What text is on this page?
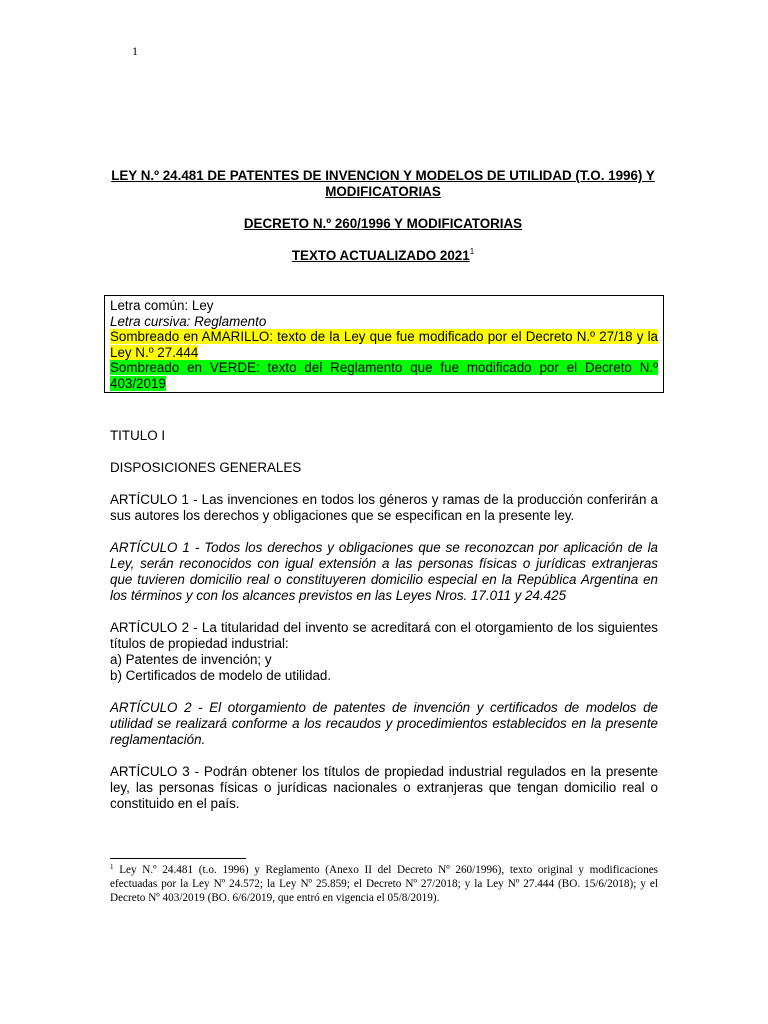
1
LEY N.º 24.481 DE PATENTES DE INVENCION Y MODELOS DE UTILIDAD (T.O. 1996) Y MODIFICATORIAS
DECRETO N.º 260/1996 Y MODIFICATORIAS

TEXTO ACTUALIZADO 2021$^1$

Letra común: Ley

Letra cursiva: Reglamento

Sombreado en AMARILLO: texto de la Ley que fue modificado por el Decreto N.º 27/18 y la Ley N.º 27.444

Sombreado en VERDE: texto del Reglamento que fue modificado por el Decreto N.º 403/2019

TITULO I

DISPOSICIONES GENERALES

ARTÍCULO 1 - Las invenciones en todos los géneros y ramas de la producción conferirán a sus autores los derechos y obligaciones que se especifican en la presente ley.

ARTÍCULO 1 - Todos los derechos y obligaciones que se reconozcan por aplicación de la Ley, serán reconocidos con igual extensión a las personas físicas o jurídicas extranjeras que tuvieren domicilio real o constituyeren domicilio especial en la República Argentina en los términos y con los alcances previstos en las Leyes Nros. 17.011 y 24.425

ARTÍCULO 2 - La titularidad del invento se acreditará con el otorgamiento de los siguientes títulos de propiedad industrial:

a) Patentes de invención; y

b) Certificados de modelo de utilidad.

ARTÍCULO 2 - El otorgamiento de patentes de invención y certificados de modelos de utilidad se realizará conforme a los recaudos y procedimientos establecidos en la presente reglamentación.

ARTÍCULO 3 - Podrán obtener los títulos de propiedad industrial regulados en la presente ley, las personas físicas o jurídicas nacionales o extranjeras que tengan domicilio real o constituido en el país.

$^1$ Ley N.º 24.481 (t.o. 1996) y Reglamento (Anexo II del Decreto Nº 260/1996), texto original y modificaciones efectuadas por la Ley Nº 24.572; la Ley Nº 25.859; el Decreto Nº 27/2018; y la Ley Nº 27.444 (BO. 15/6/2018); y el Decreto Nº 403/2019 (BO. 6/6/2019, que entró en vigencia el 05/8/2019).
